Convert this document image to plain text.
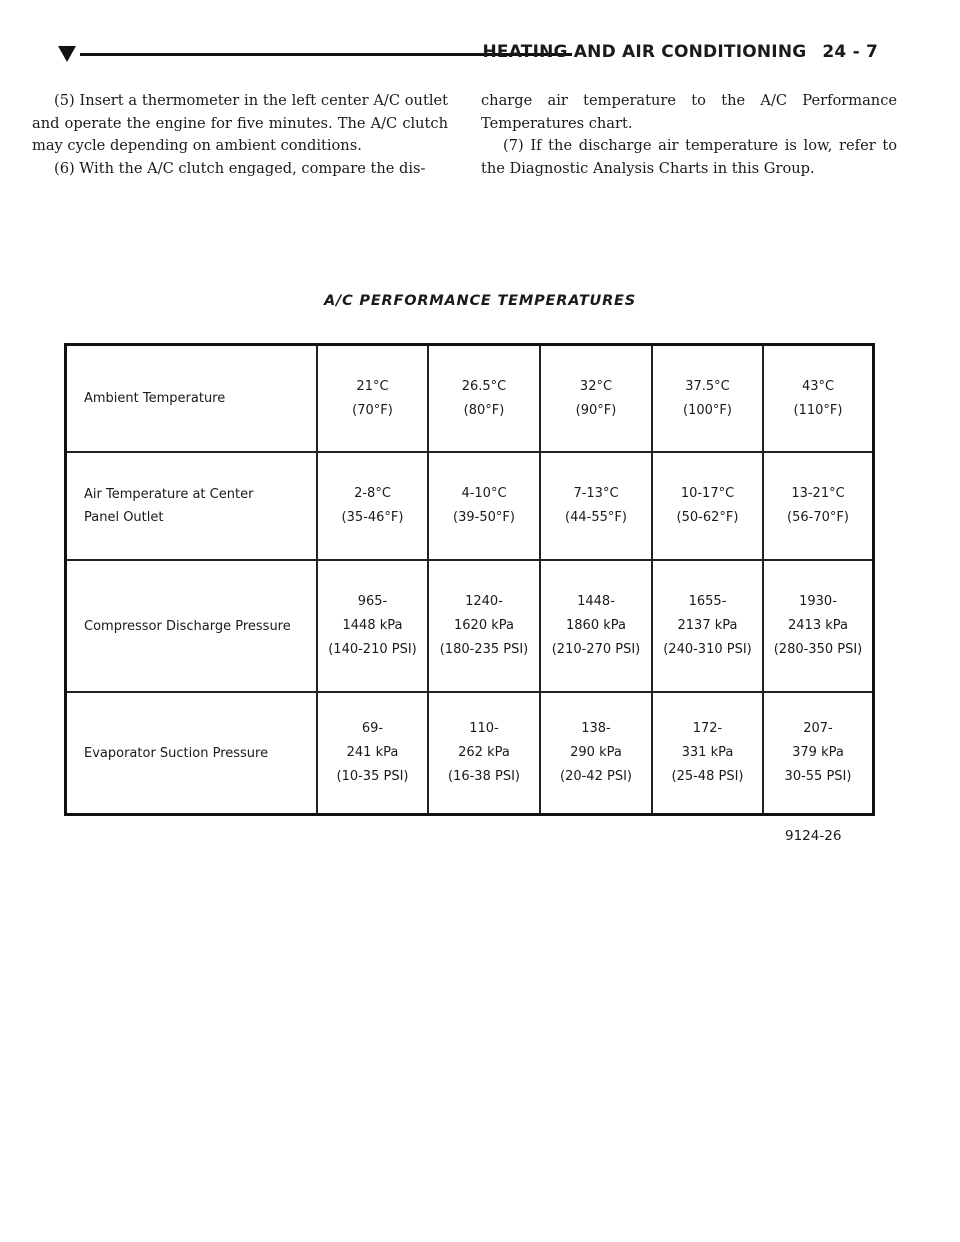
HEATING AND AIR CONDITIONING 24 - 7

(5) Insert a thermometer in the left center A/C outlet and operate the engine for five minutes. The A/C clutch may cycle depending on ambient conditions.

(6) With the A/C clutch engaged, compare the dis-

charge air temperature to the A/C Performance Temperatures chart.

(7) If the discharge air temperature is low, refer to the Diagnostic Analysis Charts in this Group.

A/C PERFORMANCE TEMPERATURES
Ambient Temperature
21°C
(70°F)
26.5°C
(80°F)
32°C
(90°F)
37.5°C
(100°F)
43°C
(110°F)
Air Temperature at Center
Panel Outlet
2-8°C
(35-46°F)
4-10°C
(39-50°F)
7-13°C
(44-55°F)
10-17°C
(50-62°F)
13-21°C
(56-70°F)
Compressor Discharge Pressure
965-
1448 kPa
(140-210 PSI)
1240-
1620 kPa
(180-235 PSI)
1448-
1860 kPa
(210-270 PSI)
1655-
2137 kPa
(240-310 PSI)
1930-
2413 kPa
(280-350 PSI)
Evaporator Suction Pressure
69-
241 kPa
(10-35 PSI)
110-
262 kPa
(16-38 PSI)
138-
290 kPa
(20-42 PSI)
172-
331 kPa
(25-48 PSI)
207-
379 kPa
30-55 PSI)
9124-26
